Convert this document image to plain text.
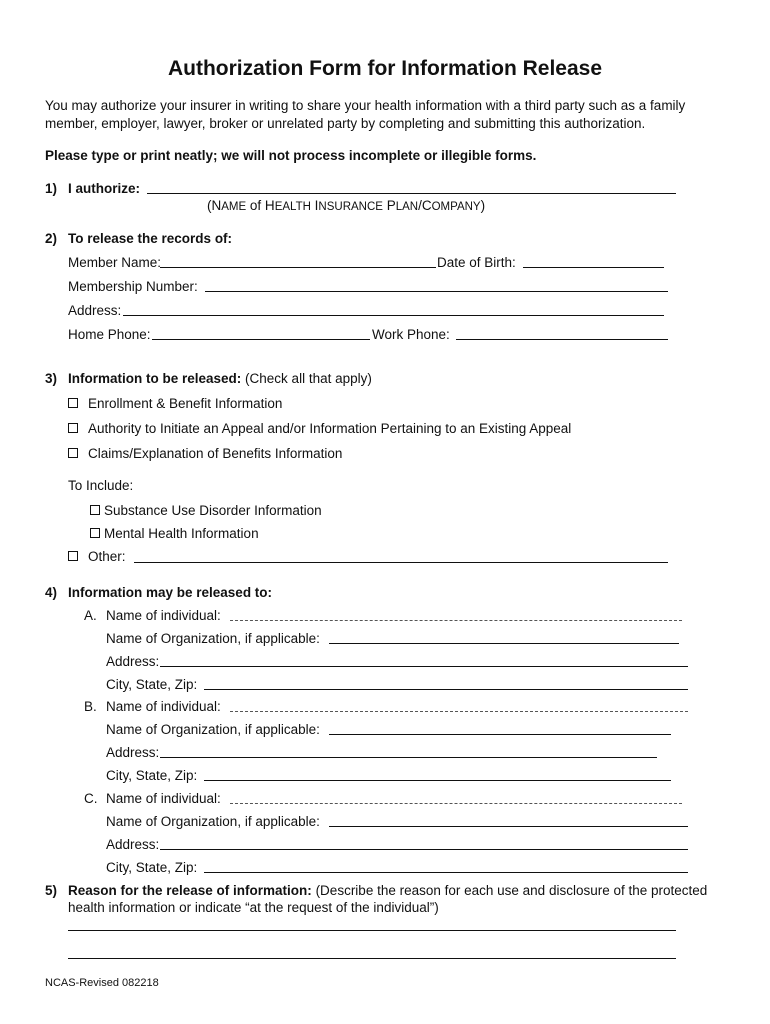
Authorization Form for Information Release
You may authorize your insurer in writing to share your health information with a third party such as a family member, employer, lawyer, broker or unrelated party by completing and submitting this authorization.
Please type or print neatly; we will not process incomplete or illegible forms.
1) I authorize:
(NAME of HEALTH INSURANCE PLAN/COMPANY)
2) To release the records of:
Member Name:	Date of Birth:
Membership Number:
Address:
Home Phone:	Work Phone:
3) Information to be released: (Check all that apply)
Enrollment & Benefit Information
Authority to Initiate an Appeal and/or Information Pertaining to an Existing Appeal
Claims/Explanation of Benefits Information
To Include:
Substance Use Disorder Information
Mental Health Information
Other:
4) Information may be released to:
A. Name of individual:
Name of Organization, if applicable:
Address:
City, State, Zip:
B. Name of individual:
Name of Organization, if applicable:
Address:
City, State, Zip:
C. Name of individual:
Name of Organization, if applicable:
Address:
City, State, Zip:
5) Reason for the release of information: (Describe the reason for each use and disclosure of the protected
health information or indicate “at the request of the individual”)
NCAS-Revised 082218
